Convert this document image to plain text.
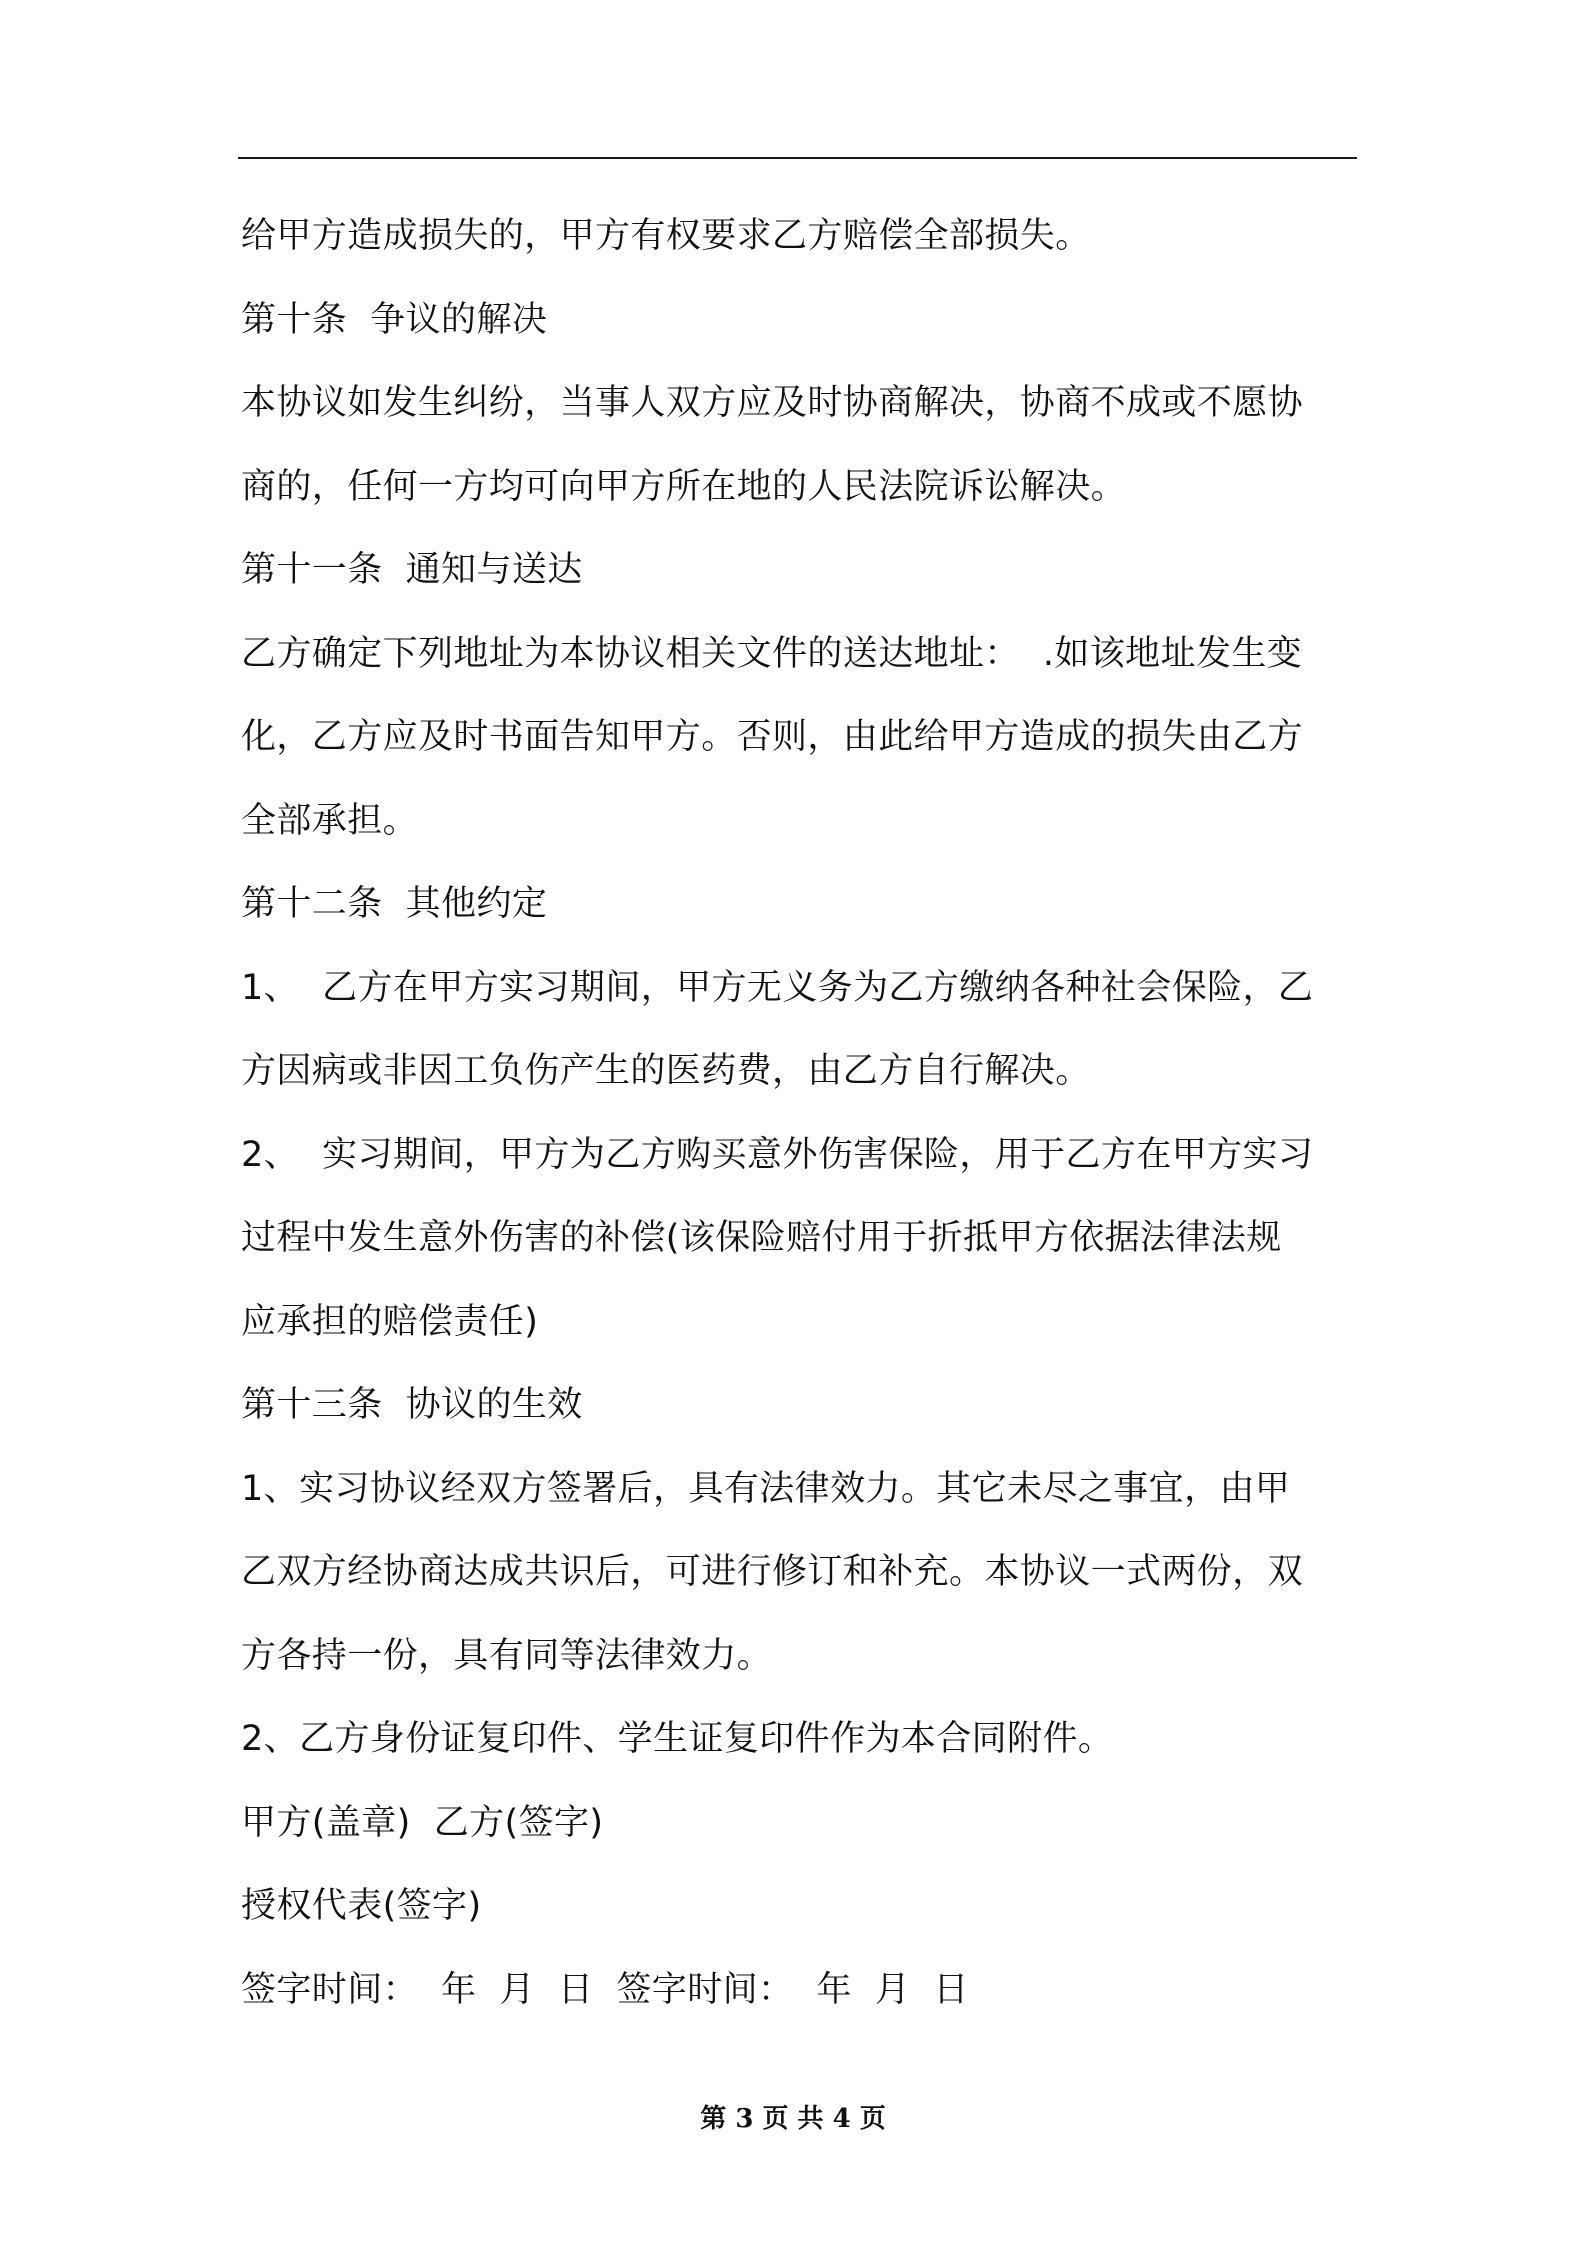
给甲方造成损失的，甲方有权要求乙方赔偿全部损失。
第十条  争议的解决
本协议如发生纠纷，当事人双方应及时协商解决，协商不成或不愿协
商的，任何一方均可向甲方所在地的人民法院诉讼解决。
第十一条  通知与送达
乙方确定下列地址为本协议相关文件的送达地址：  .如该地址发生变
化，乙方应及时书面告知甲方。否则，由此给甲方造成的损失由乙方
全部承担。
第十二条  其他约定
1、  乙方在甲方实习期间，甲方无义务为乙方缴纳各种社会保险，乙
方因病或非因工负伤产生的医药费，由乙方自行解决。
2、  实习期间，甲方为乙方购买意外伤害保险，用于乙方在甲方实习
过程中发生意外伤害的补偿(该保险赔付用于折抵甲方依据法律法规
应承担的赔偿责任)
第十三条  协议的生效
1、实习协议经双方签署后，具有法律效力。其它未尽之事宜，由甲
乙双方经协商达成共识后，可进行修订和补充。本协议一式两份，双
方各持一份，具有同等法律效力。
2、乙方身份证复印件、学生证复印件作为本合同附件。
甲方(盖章)  乙方(签字)
授权代表(签字)
签字时间：  年  月  日  签字时间：  年  月  日
第 3 页 共 4 页
